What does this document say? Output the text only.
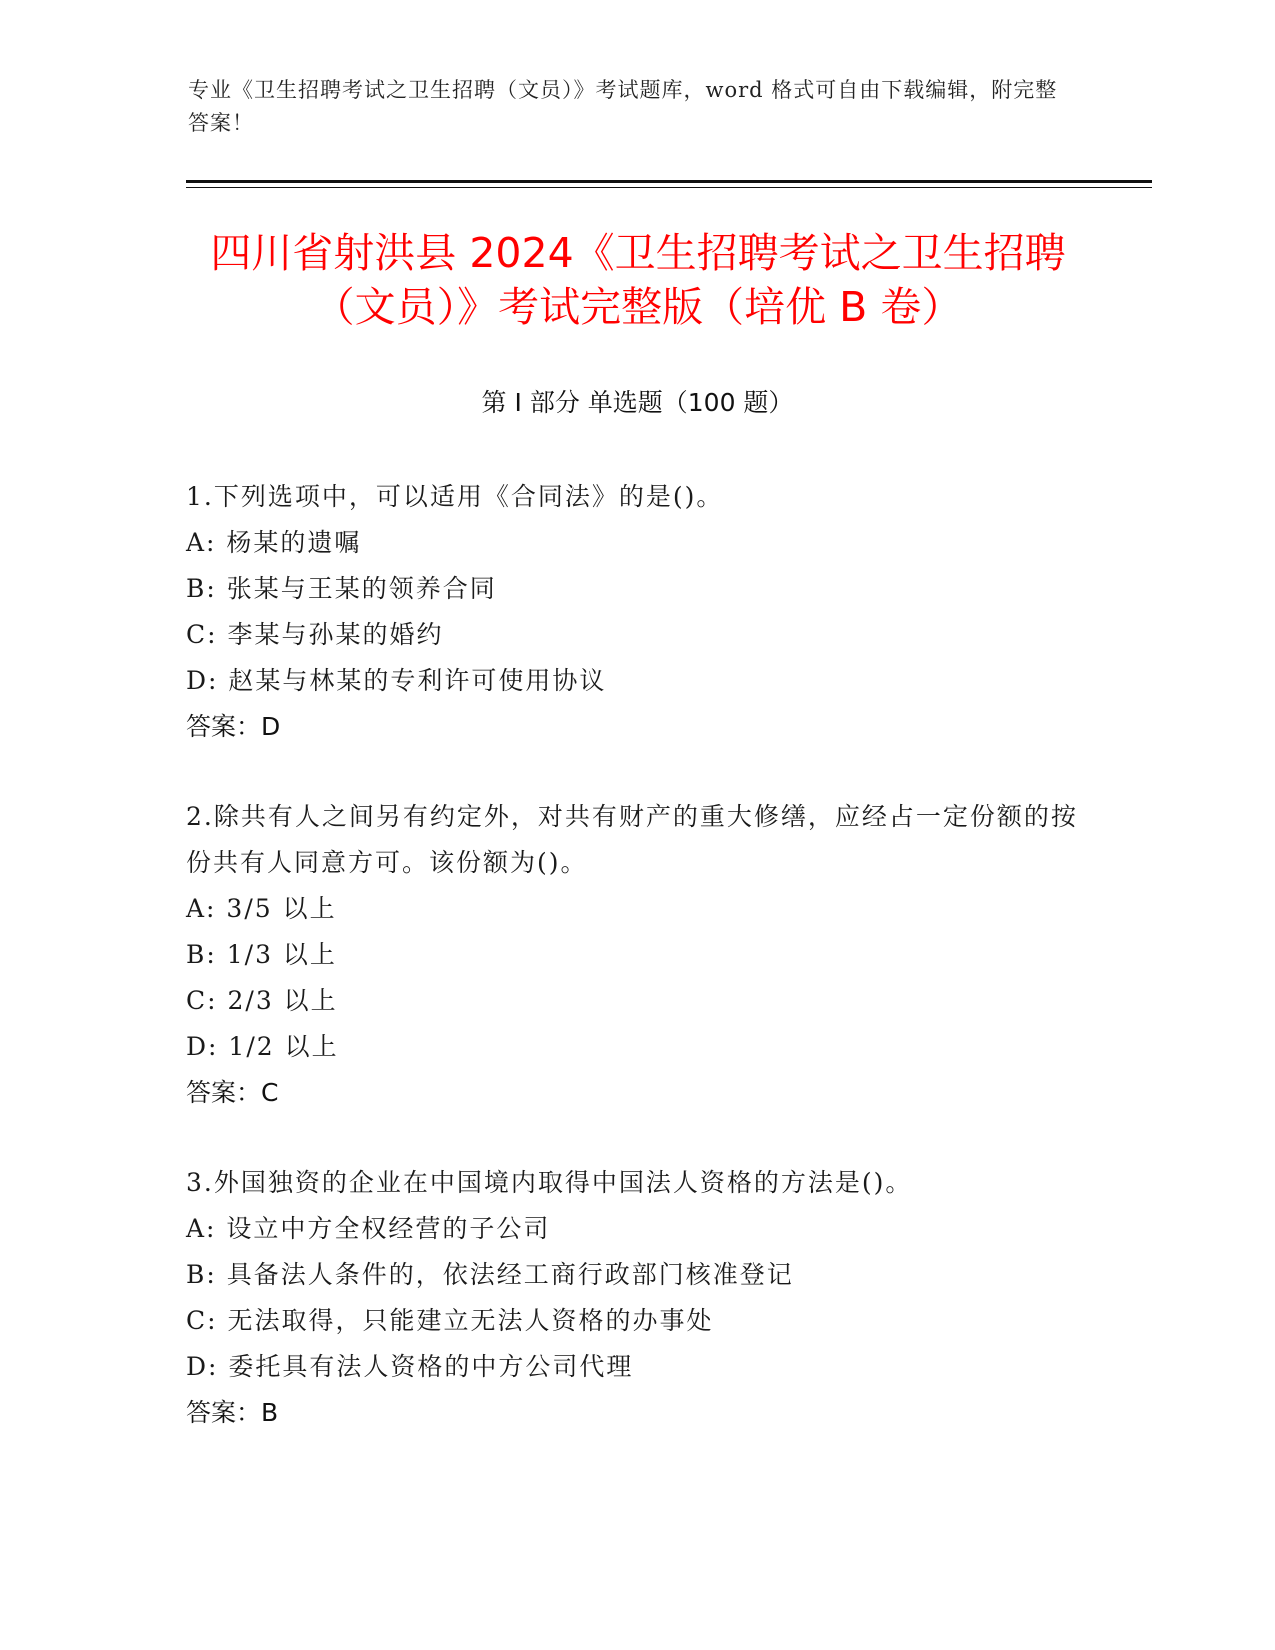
专业《卫生招聘考试之卫生招聘（文员）》考试题库，word 格式可自由下载编辑，附完整答案！
四川省射洪县 2024《卫生招聘考试之卫生招聘（文员）》考试完整版（培优 B 卷）
第 I 部分 单选题（100 题）
1.下列选项中，可以适用《合同法》的是()。
A: 杨某的遗嘱
B: 张某与王某的领养合同
C: 李某与孙某的婚约
D: 赵某与林某的专利许可使用协议
答案：D
2.除共有人之间另有约定外，对共有财产的重大修缮，应经占一定份额的按份共有人同意方可。该份额为()。
A: 3/5 以上
B: 1/3 以上
C: 2/3 以上
D: 1/2 以上
答案：C
3.外国独资的企业在中国境内取得中国法人资格的方法是()。
A: 设立中方全权经营的子公司
B: 具备法人条件的，依法经工商行政部门核准登记
C: 无法取得，只能建立无法人资格的办事处
D: 委托具有法人资格的中方公司代理
答案：B
